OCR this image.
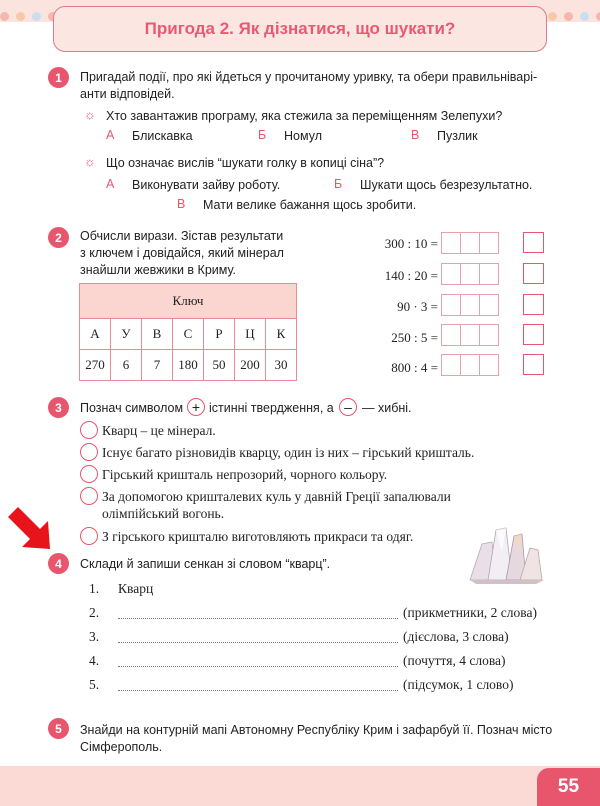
Пригода 2. Як дізнатися, що шукати?
1	Пригадай події, про які йдеться у прочитаному уривку, та обери правильніварі-
анти відповідей.
☼ Хто завантажив програму, яка стежила за переміщенням Зелепухи?
А Блискавка	Б Номул	В Пузлик
☼ Що означає вислів “шукати голку в копиці сіна”?
А Виконувати зайву роботу.	Б Шукати щось безрезультатно.
В Мати велике бажання щось зробити.
2	Обчисли вирази. Зістав результати
з ключем і довідайся, який мінерал
знайшли жевжики в Криму.
Ключ						
А	У	В	С	Р	Ц	К
270	6	7	180	50	200	30
300 : 10 =
140 : 20 =
90 · 3 =
250 : 5 =
800 : 4 =
3	Познач символом + істинні твердження, а – — хибні.
Кварц – це мінерал.
Існує багато різновидів кварцу, один із них – гірський кришталь.
Гірський кришталь непрозорий, чорного кольору.
За допомогою кришталевих куль у давній Греції запалювали
олімпійський вогонь.
З гірського кришталю виготовляють прикраси та одяг.
4	Склади й запиши сенкан зі словом “кварц”.
1. Кварц
2.	(прикметники, 2 слова)
3.	(дієслова, 3 слова)
4.	(почуття, 4 слова)
5.	(підсумок, 1 слово)
5	Знайди на контурній мапі Автономну Республіку Крим і зафарбуй її. Познач місто
Сімферополь.
55
